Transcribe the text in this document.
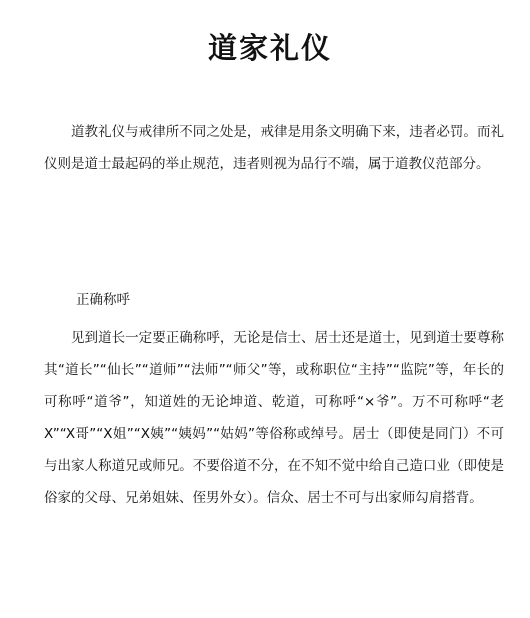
道家礼仪

道教礼仪与戒律所不同之处是，戒律是用条文明确下来，违者必罚。而礼仪则是道士最起码的举止规范，违者则视为品行不端，属于道教仪范部分。

正确称呼

见到道长一定要正确称呼，无论是信士、居士还是道士，见到道士要尊称其“道长”“仙长”“道师”“法师”“师父”等，或称职位“主持”“监院”等，年长的可称呼“道爷”，知道姓的无论坤道、乾道，可称呼“×爷”。万不可称呼“老X”“X哥”“X姐”“X姨”“姨妈”“姑妈”等俗称或绰号。居士（即使是同门）不可与出家人称道兄或师兄。不要俗道不分，在不知不觉中给自己造口业（即使是俗家的父母、兄弟姐妹、侄男外女）。信众、居士不可与出家师勾肩搭背。
